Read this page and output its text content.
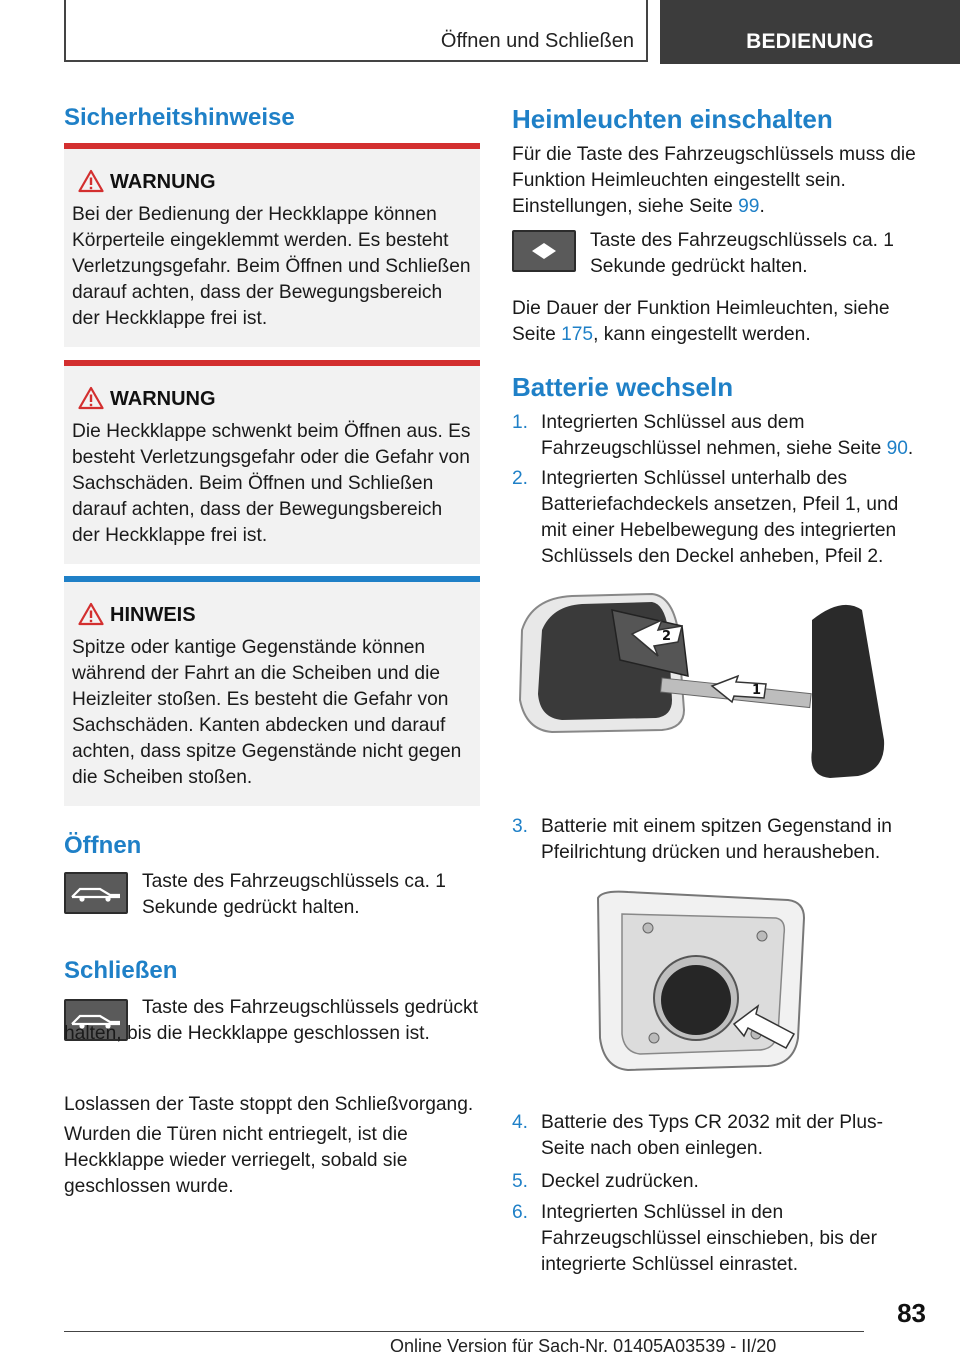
Öffnen und Schließen	BEDIENUNG
Sicherheitshinweise
WARNUNG
Bei der Bedienung der Heckklappe können Körperteile eingeklemmt werden. Es besteht Verletzungsgefahr. Beim Öffnen und Schließen darauf achten, dass der Bewegungsbereich der Heckklappe frei ist.
WARNUNG
Die Heckklappe schwenkt beim Öffnen aus. Es besteht Verletzungsgefahr oder die Gefahr von Sachschäden. Beim Öffnen und Schließen darauf achten, dass der Bewegungsbereich der Heckklappe frei ist.
HINWEIS
Spitze oder kantige Gegenstände können während der Fahrt an die Scheiben und die Heizleiter stoßen. Es besteht die Gefahr von Sachschäden. Kanten abdecken und darauf achten, dass spitze Gegenstände nicht gegen die Scheiben stoßen.
Öffnen
Taste des Fahrzeugschlüssels ca. 1 Sekunde gedrückt halten.
Schließen
Taste des Fahrzeugschlüssels gedrückt halten, bis die Heckklappe geschlossen ist.
Loslassen der Taste stoppt den Schließvorgang.
Wurden die Türen nicht entriegelt, ist die Heckklappe wieder verriegelt, sobald sie geschlossen wurde.
Heimleuchten einschalten
Für die Taste des Fahrzeugschlüssels muss die Funktion Heimleuchten eingestellt sein. Einstellungen, siehe Seite 99.
Taste des Fahrzeugschlüssels ca. 1 Sekunde gedrückt halten.
Die Dauer der Funktion Heimleuchten, siehe Seite 175, kann eingestellt werden.
Batterie wechseln
1. Integrierten Schlüssel aus dem Fahrzeugschlüssel nehmen, siehe Seite 90.
2. Integrierten Schlüssel unterhalb des Batteriefachdeckels ansetzen, Pfeil 1, und mit einer Hebelbewegung des integrierten Schlüssels den Deckel anheben, Pfeil 2.
2
1
3. Batterie mit einem spitzen Gegenstand in Pfeilrichtung drücken und herausheben.
4. Batterie des Typs CR 2032 mit der Plus-Seite nach oben einlegen.
5. Deckel zudrücken.
6. Integrierten Schlüssel in den Fahrzeugschlüssel einschieben, bis der integrierte Schlüssel einrastet.
83
Online Version für Sach-Nr. 01405A03539 - II/20
